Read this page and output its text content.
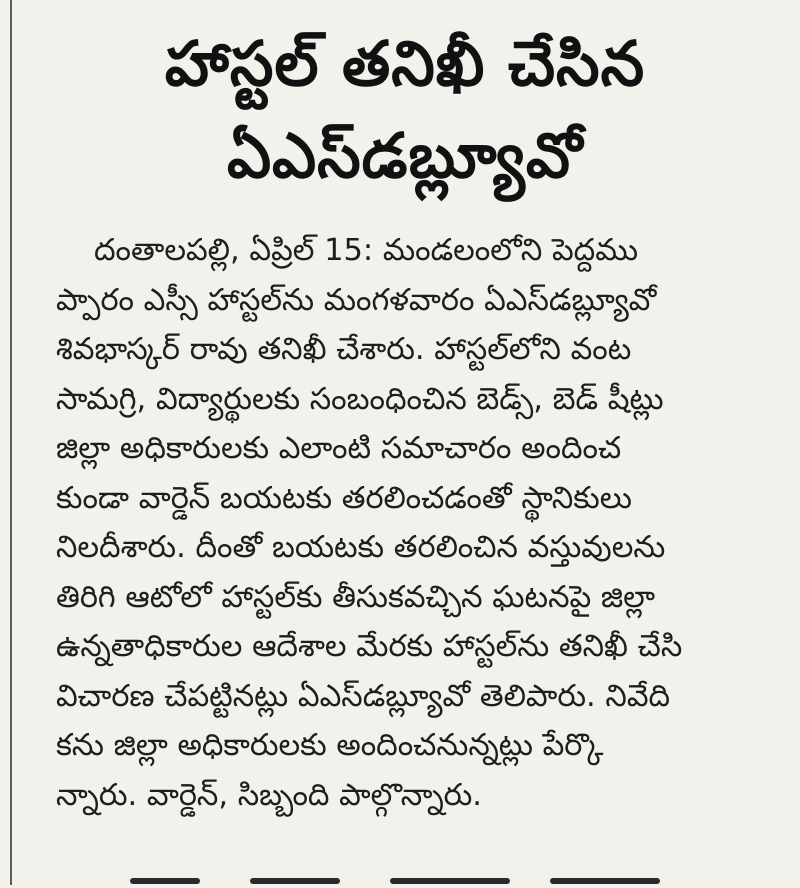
హాస్టల్ తనిఖీ చేసిన
ఏఎస్‌డబ్ల్యూవో
దంతాలపల్లి, ఏప్రిల్ 15: మండలంలోని పెద్దము
ప్పారం ఎస్సీ హాస్టల్‌ను మంగళవారం ఏఎస్‌డబ్ల్యూవో
శివభాస్కర్ రావు తనిఖీ చేశారు. హాస్టల్‌లోని వంట
సామగ్రి, విద్యార్థులకు సంబంధించిన బెడ్స్, బెడ్ షీట్లు
జిల్లా అధికారులకు ఎలాంటి సమాచారం అందించ
కుండా వార్డెన్ బయటకు తరలించడంతో స్థానికులు
నిలదీశారు. దీంతో బయటకు తరలించిన వస్తువులను
తిరిగి ఆటోలో హాస్టల్‌కు తీసుకవచ్చిన ఘటనపై జిల్లా
ఉన్నతాధికారుల ఆదేశాల మేరకు హాస్టల్‌ను తనిఖీ చేసి
విచారణ చేపట్టినట్లు ఏఎస్‌డబ్ల్యూవో తెలిపారు. నివేది
కను జిల్లా అధికారులకు అందించనున్నట్లు పేర్కొ
న్నారు. వార్డెన్, సిబ్బంది పాల్గొన్నారు.
